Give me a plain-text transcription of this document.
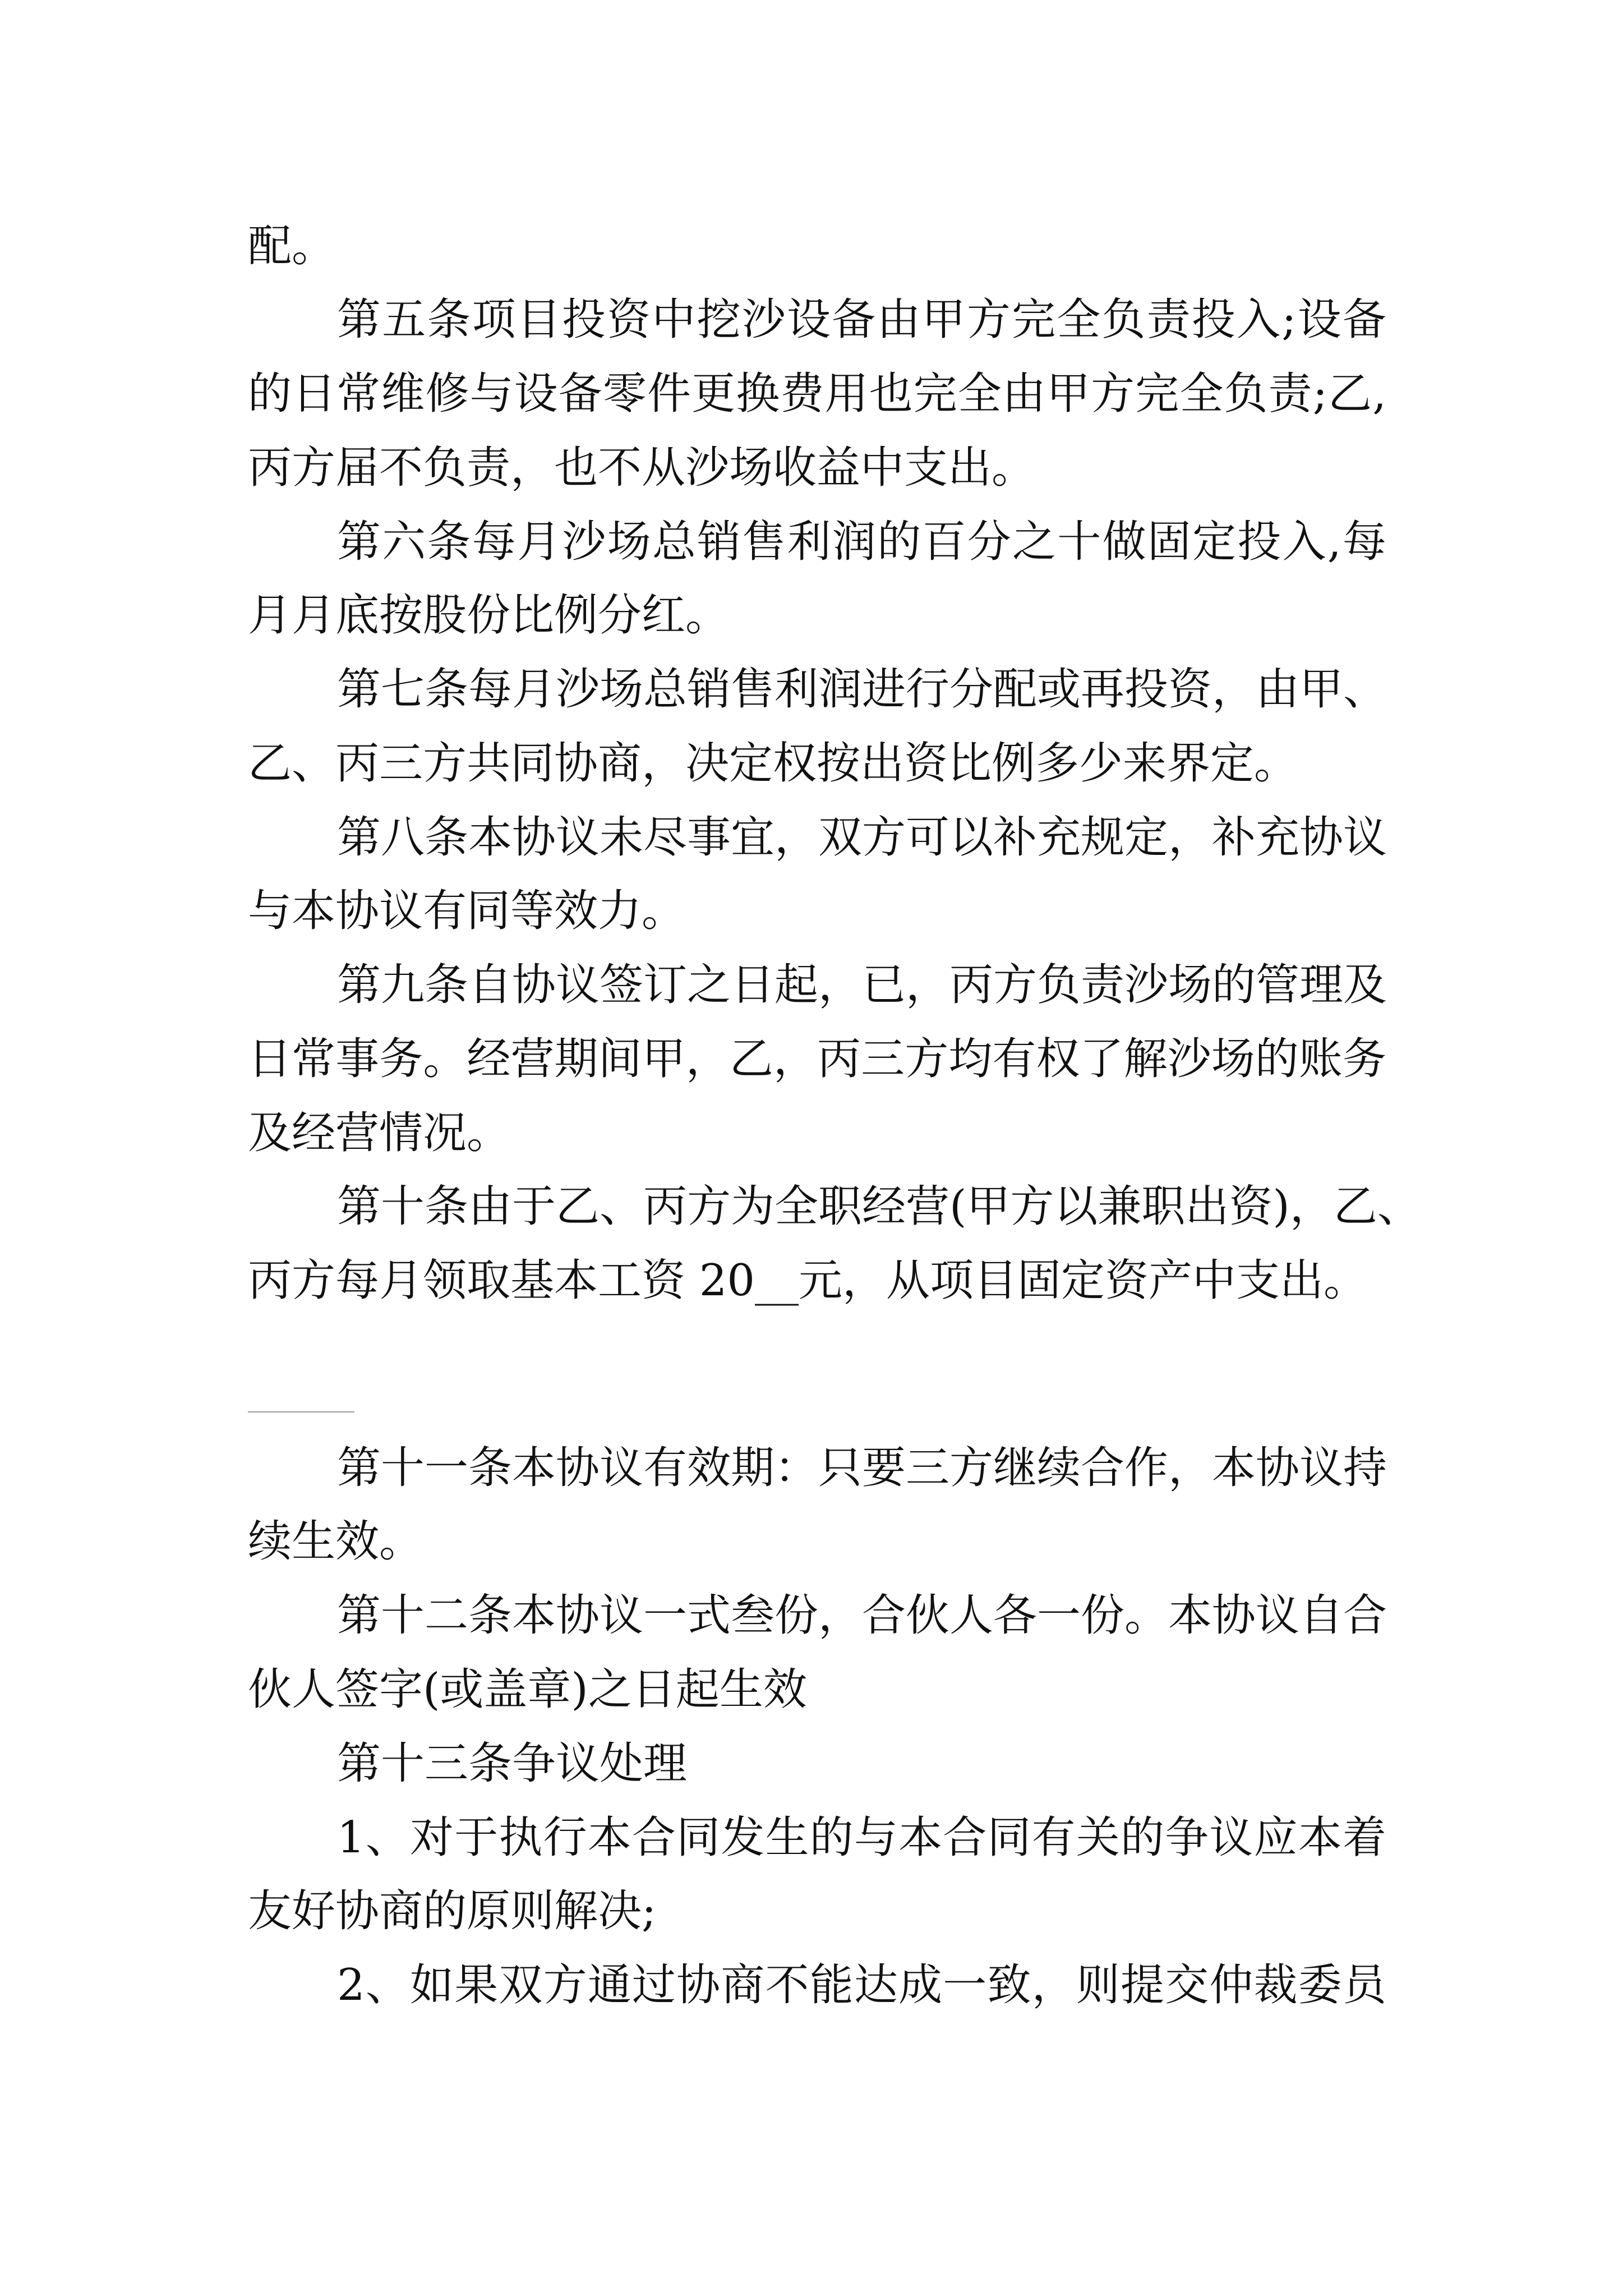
配。
第五条项目投资中挖沙设备由甲方完全负责投入;设备
的日常维修与设备零件更换费用也完全由甲方完全负责;乙,
丙方届不负责，也不从沙场收益中支出。
第六条每月沙场总销售利润的百分之十做固定投入,每
月月底按股份比例分红。
第七条每月沙场总销售利润进行分配或再投资，由甲、
乙、丙三方共同协商，决定权按出资比例多少来界定。
第八条本协议未尽事宜，双方可以补充规定，补充协议
与本协议有同等效力。
第九条自协议签订之日起，已，丙方负责沙场的管理及
日常事务。经营期间甲，乙，丙三方均有权了解沙场的账务
及经营情况。
第十条由于乙、丙方为全职经营(甲方以兼职出资)，乙、
丙方每月领取基本工资 20__元，从项目固定资产中支出。
第十一条本协议有效期：只要三方继续合作，本协议持
续生效。
第十二条本协议一式叁份，合伙人各一份。本协议自合
伙人签字(或盖章)之日起生效
第十三条争议处理
1、对于执行本合同发生的与本合同有关的争议应本着
友好协商的原则解决;
2、如果双方通过协商不能达成一致，则提交仲裁委员
